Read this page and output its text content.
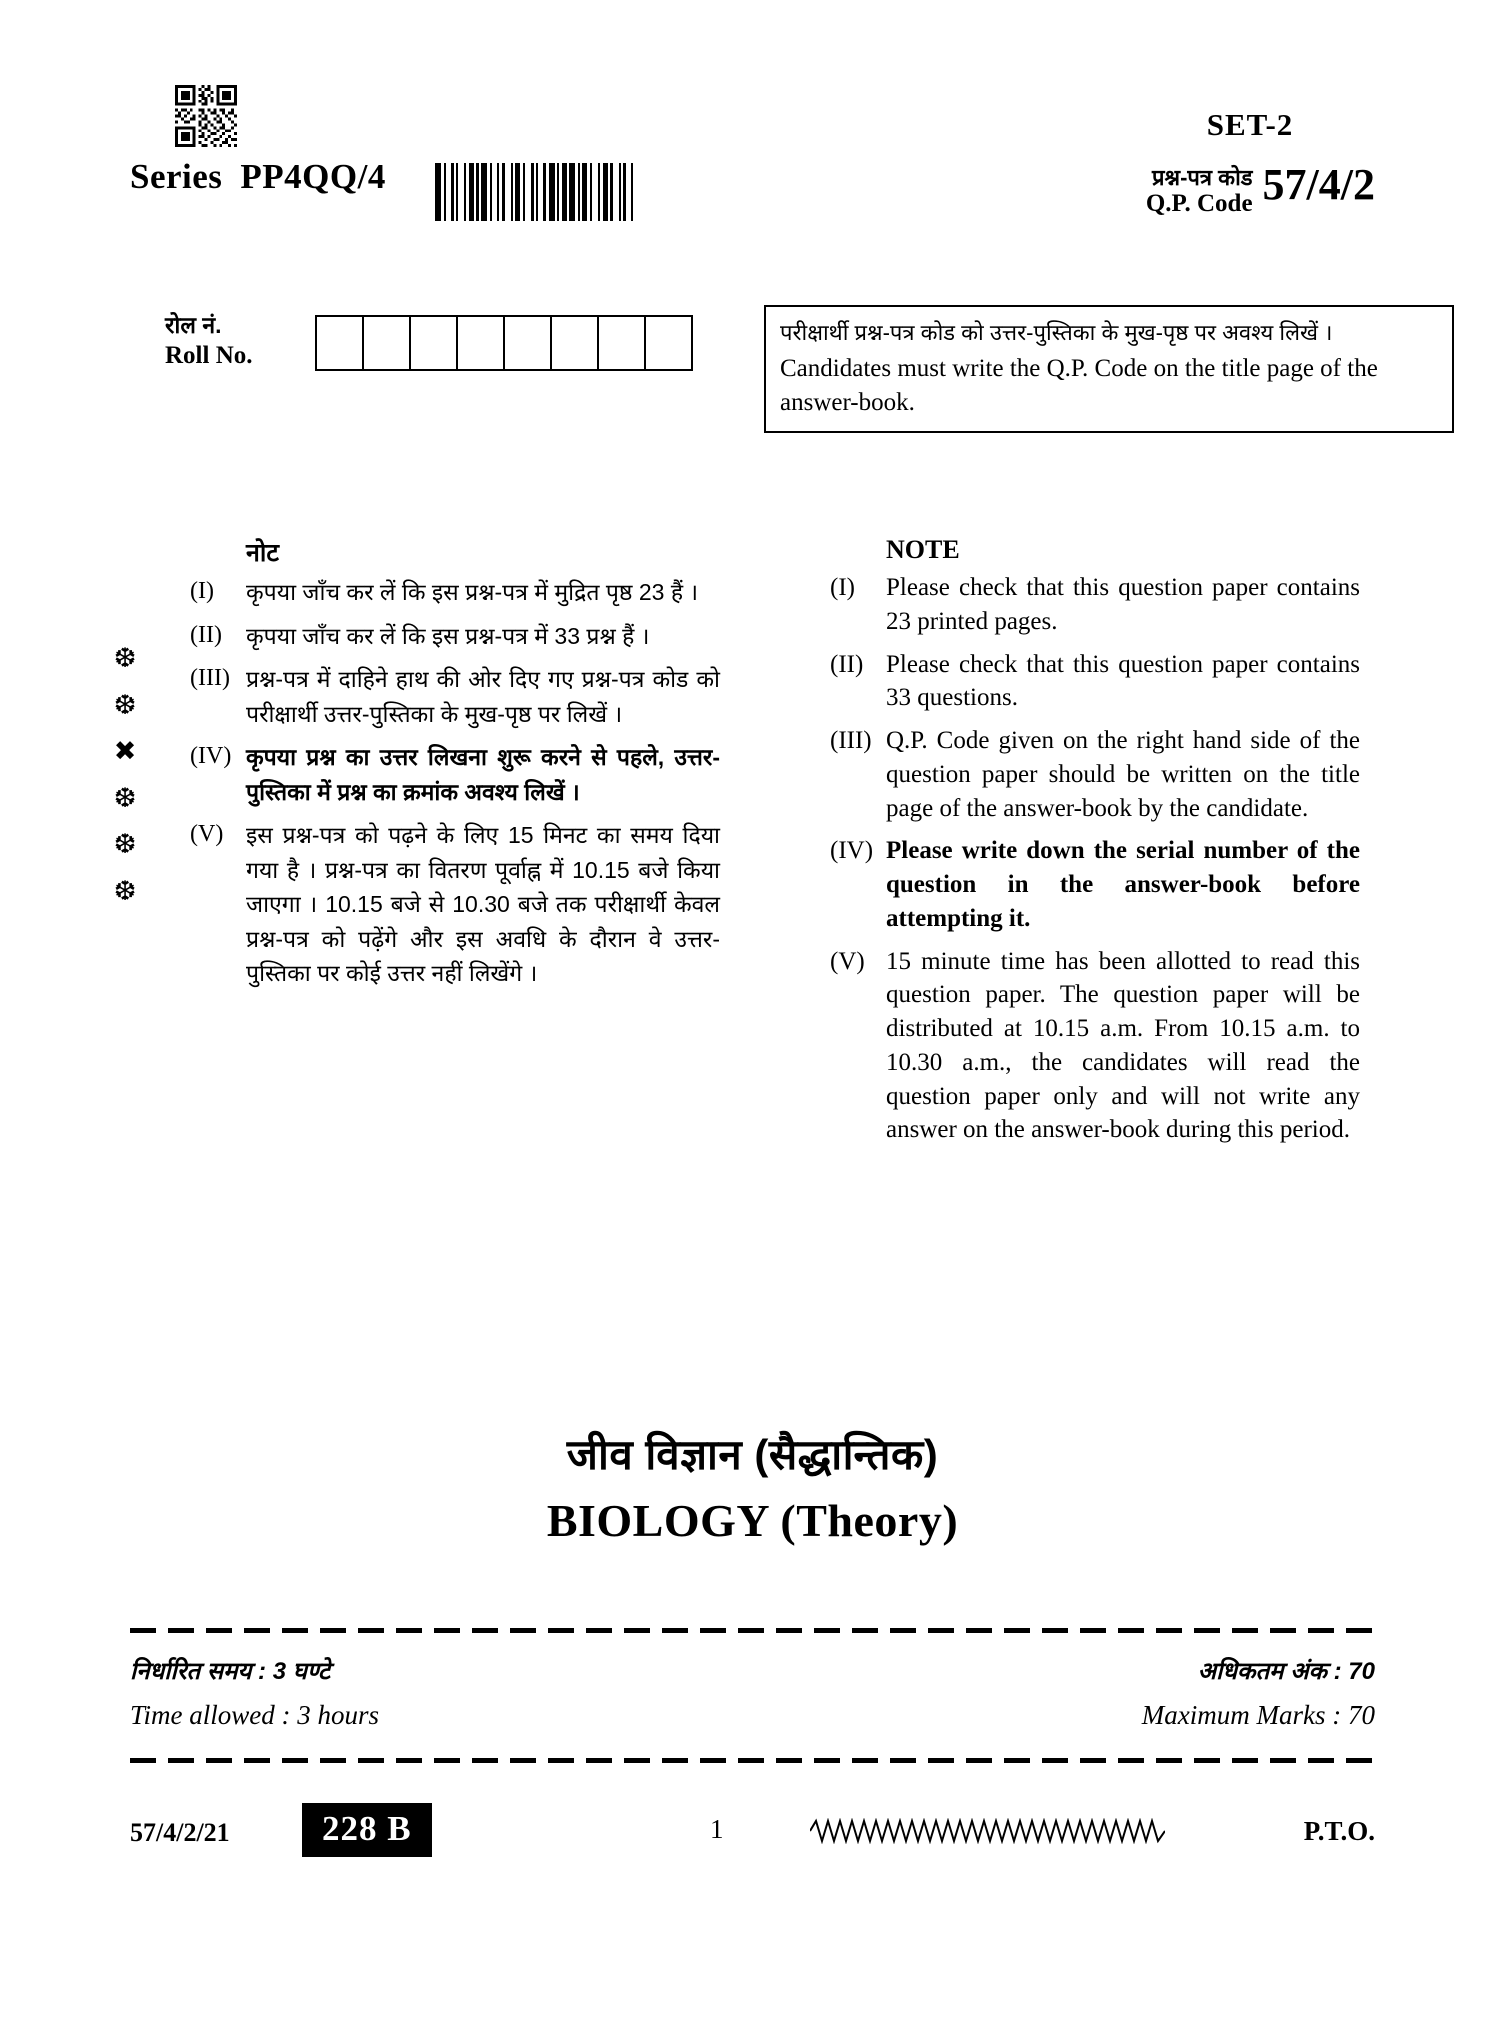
Series PP4QQ/4
SET-2
प्रश्न-पत्र कोड
Q.P. Code 57/4/2
रोल नं.
Roll No.
परीक्षार्थी प्रश्न-पत्र कोड को उत्तर-पुस्तिका के मुख-पृष्ठ पर अवश्य लिखें ।
Candidates must write the Q.P. Code on the title page of the answer-book.
❆
❆
✖
❆
❆
❆
नोट
(I)	कृपया जाँच कर लें कि इस प्रश्न-पत्र में मुद्रित पृष्ठ 23 हैं ।
(II)	कृपया जाँच कर लें कि इस प्रश्न-पत्र में 33 प्रश्न हैं ।
(III) प्रश्न-पत्र में दाहिने हाथ की ओर दिए गए प्रश्न-पत्र कोड को परीक्षार्थी उत्तर-पुस्तिका के मुख-पृष्ठ पर लिखें ।
(IV) कृपया प्रश्न का उत्तर लिखना शुरू करने से पहले, उत्तर-पुस्तिका में प्रश्न का क्रमांक अवश्य लिखें ।
(V) इस प्रश्न-पत्र को पढ़ने के लिए 15 मिनट का समय दिया गया है । प्रश्न-पत्र का वितरण पूर्वाह्न में 10.15 बजे किया जाएगा । 10.15 बजे से 10.30 बजे तक परीक्षार्थी केवल प्रश्न-पत्र को पढ़ेंगे और इस अवधि के दौरान वे उत्तर-पुस्तिका पर कोई उत्तर नहीं लिखेंगे ।
NOTE
(I)	Please check that this question paper contains 23 printed pages.
(II) Please check that this question paper contains 33 questions.
(III) Q.P. Code given on the right hand side of the question paper should be written on the title page of the answer-book by the candidate.
(IV) Please write down the serial number of the question in the answer-book before attempting it.
(V) 15 minute time has been allotted to read this question paper. The question paper will be distributed at 10.15 a.m. From 10.15 a.m. to 10.30 a.m., the candidates will read the question paper only and will not write any answer on the answer-book during this period.
जीव विज्ञान (सैद्धान्तिक)
BIOLOGY (Theory)
निर्धारित समय : 3 घण्टे	अधिकतम अंक : 70
Time allowed : 3 hours	Maximum Marks : 70
57/4/2/21	228 B	1	P.T.O.
